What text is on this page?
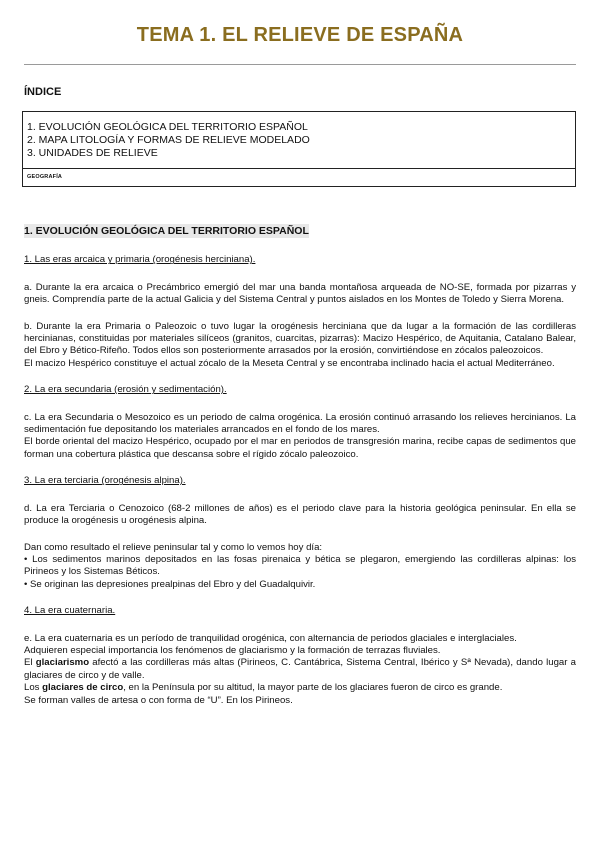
TEMA 1. EL RELIEVE DE ESPAÑA
ÍNDICE
1. EVOLUCIÓN GEOLÓGICA DEL TERRITORIO ESPAÑOL
2. MAPA LITOLOGÍA Y FORMAS DE RELIEVE MODELADO
3. UNIDADES DE RELIEVE
GEOGRAFÍA
1. EVOLUCIÓN GEOLÓGICA DEL TERRITORIO ESPAÑOL

1. Las eras arcaica y primaria (orogénesis herciniana).

a. Durante la era arcaica o Precámbrico emergió del mar una banda montañosa arqueada de NO-SE, formada por pizarras y gneis. Comprendía parte de la actual Galicia y del Sistema Central y puntos aislados en los Montes de Toledo y Sierra Morena.

b. Durante la era Primaria o Paleozoic o tuvo lugar la orogénesis herciniana que da lugar a la formación de las cordilleras hercinianas, constituidas por materiales silíceos (granitos, cuarcitas, pizarras): Macizo Hespérico, de Aquitania, Catalano Balear, del Ebro y Bético-Rifeño. Todos ellos son posteriormente arrasados por la erosión, convirtiéndose en zócalos paleozoicos.

El macizo Hespérico constituye el actual zócalo de la Meseta Central y se encontraba inclinado hacia el actual Mediterráneo.

2. La era secundaria (erosión y sedimentación).

c. La era Secundaria o Mesozoico es un periodo de calma orogénica. La erosión continuó arrasando los relieves hercinianos. La sedimentación fue depositando los materiales arrancados en el fondo de los mares.

El borde oriental del macizo Hespérico, ocupado por el mar en periodos de transgresión marina, recibe capas de sedimentos que forman una cobertura plástica que descansa sobre el rígido zócalo paleozoico.

3. La era terciaria (orogénesis alpina).

d. La era Terciaria o Cenozoico (68-2 millones de años) es el periodo clave para la historia geológica peninsular. En ella se produce la orogénesis u orogénesis alpina.

Dan como resultado el relieve peninsular tal y como lo vemos hoy día:

• Los sedimentos marinos depositados en las fosas pirenaica y bética se plegaron, emergiendo las cordilleras alpinas: los Pirineos y los Sistemas Béticos.

• Se originan las depresiones prealpinas del Ebro y del Guadalquivir.

4. La era cuaternaria.

e. La era cuaternaria es un período de tranquilidad orogénica, con alternancia de periodos glaciales e interglaciales.

Adquieren especial importancia los fenómenos de glaciarismo y la formación de terrazas fluviales.

El glaciarismo afectó a las cordilleras más altas (Pirineos, C. Cantábrica, Sistema Central, Ibérico y Sª Nevada), dando lugar a glaciares de circo y de valle.

Los glaciares de circo, en la Península por su altitud, la mayor parte de los glaciares fueron de circo es grande.

Se forman valles de artesa o con forma de “U”. En los Pirineos.
